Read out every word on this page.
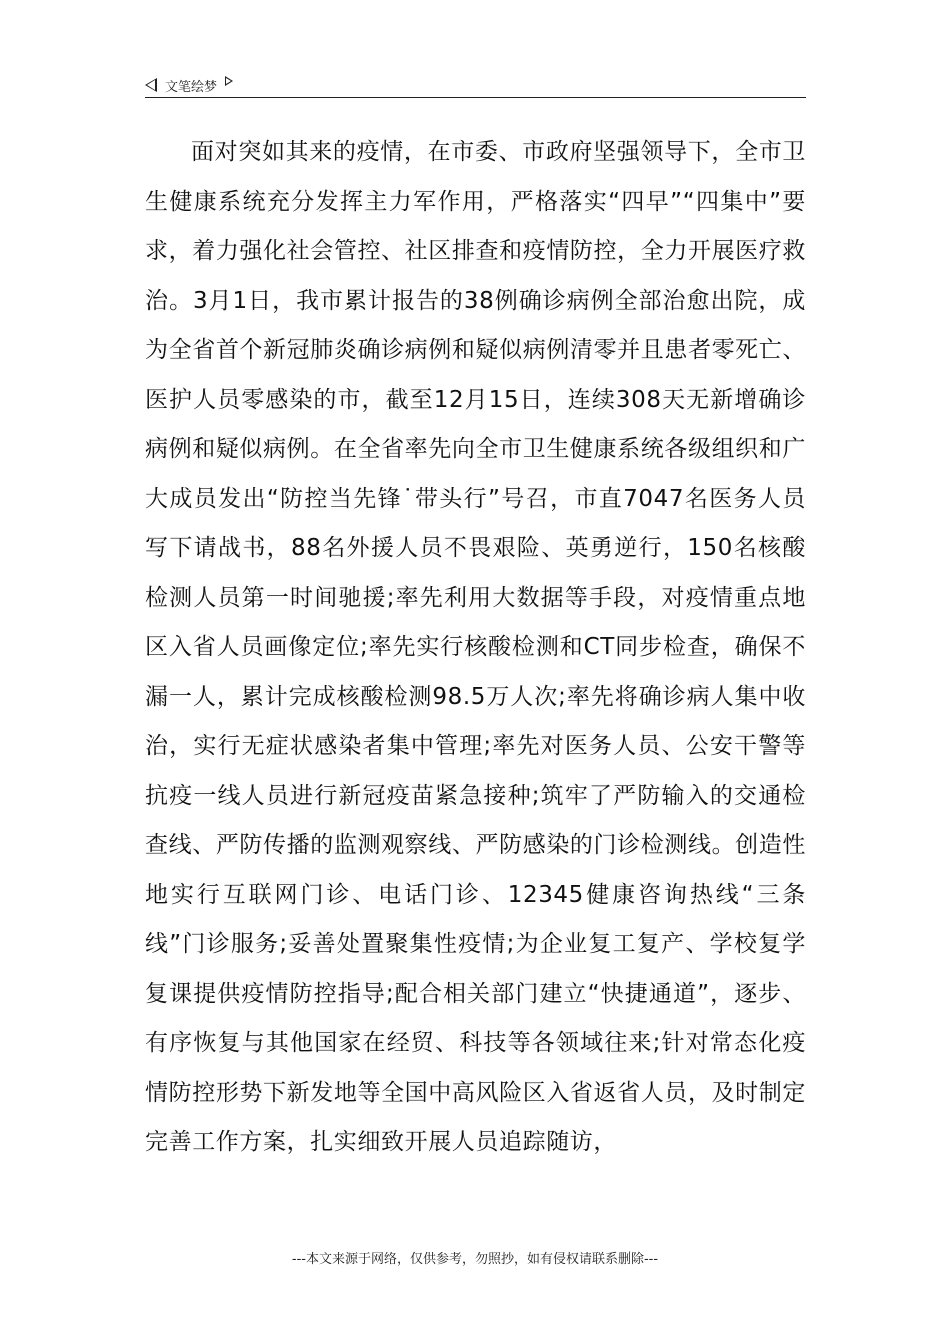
文笔绘梦

面对突如其来的疫情，在市委、市政府坚强领导下，全市卫生健康系统充分发挥主力军作用，严格落实“四早”“四集中”要求，着力强化社会管控、社区排查和疫情防控，全力开展医疗救治。3月1日，我市累计报告的38例确诊病例全部治愈出院，成为全省首个新冠肺炎确诊病例和疑似病例清零并且患者零死亡、医护人员零感染的市，截至12月15日，连续308天无新增确诊病例和疑似病例。在全省率先向全市卫生健康系统各级组织和广大成员发出“防控当先锋˙带头行”号召，市直7047名医务人员写下请战书，88名外援人员不畏艰险、英勇逆行，150名核酸检测人员第一时间驰援;率先利用大数据等手段，对疫情重点地区入省人员画像定位;率先实行核酸检测和CT同步检查，确保不漏一人，累计完成核酸检测98.5万人次;率先将确诊病人集中收治，实行无症状感染者集中管理;率先对医务人员、公安干警等抗疫一线人员进行新冠疫苗紧急接种;筑牢了严防输入的交通检查线、严防传播的监测观察线、严防感染的门诊检测线。创造性地实行互联网门诊、电话门诊、12345健康咨询热线“三条线”门诊服务;妥善处置聚集性疫情;为企业复工复产、学校复学复课提供疫情防控指导;配合相关部门建立“快捷通道”，逐步、有序恢复与其他国家在经贸、科技等各领域往来;针对常态化疫情防控形势下新发地等全国中高风险区入省返省人员，及时制定完善工作方案，扎实细致开展人员追踪随访，

---本文来源于网络，仅供参考，勿照抄，如有侵权请联系删除---
